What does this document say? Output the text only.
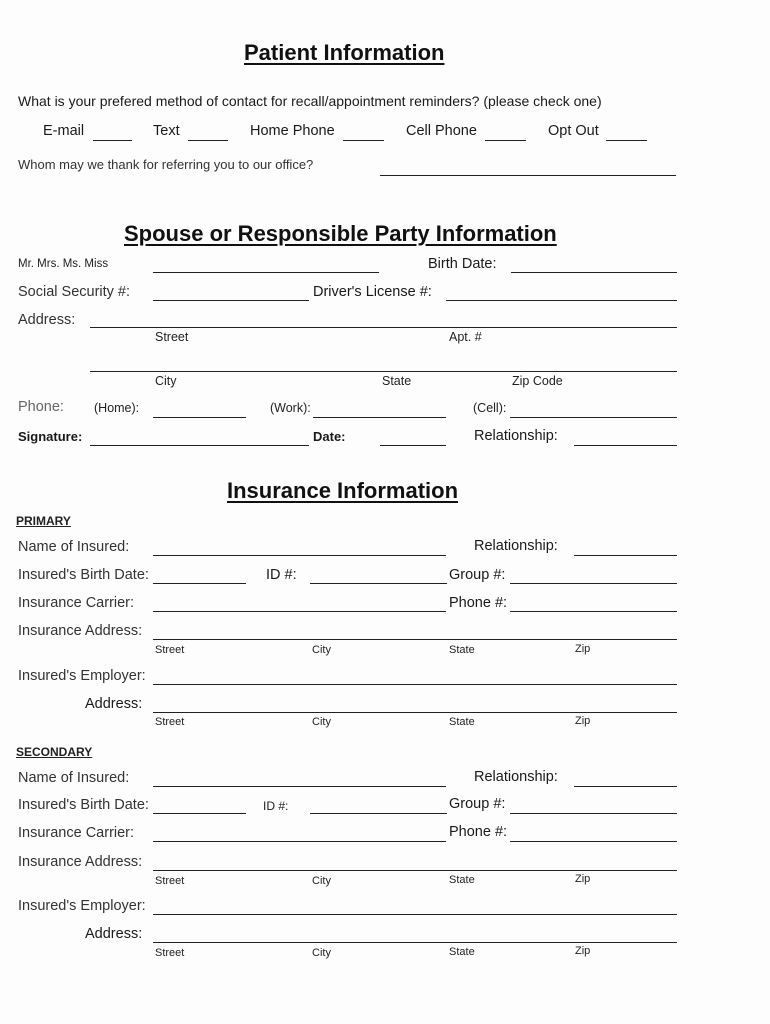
Patient Information
What is your prefered method of contact for recall/appointment reminders? (please check one)
E-mail	Text	Home Phone	Cell Phone	Opt Out
Whom may we thank for referring you to our office?
Spouse or Responsible Party Information
Mr. Mrs. Ms. Miss	Birth Date:
Social Security #:	Driver's License #:
Address:
Street	Apt. #
City	State	Zip Code
Phone: (Home):	(Work):	(Cell):
Signature:	Date:	Relationship:
Insurance Information
PRIMARY
Name of Insured:	Relationship:
Insured's Birth Date:	ID #:	Group #:
Insurance Carrier:	Phone #:
Insurance Address:
Street	City	State	Zip
Insured's Employer:
Address:
Street	City	State	Zip
SECONDARY
Name of Insured:	Relationship:
Insured's Birth Date:	ID #:	Group #:
Insurance Carrier:	Phone #:
Insurance Address:
Street	City	State	Zip
Insured's Employer:
Address:
Street	City	State	Zip
